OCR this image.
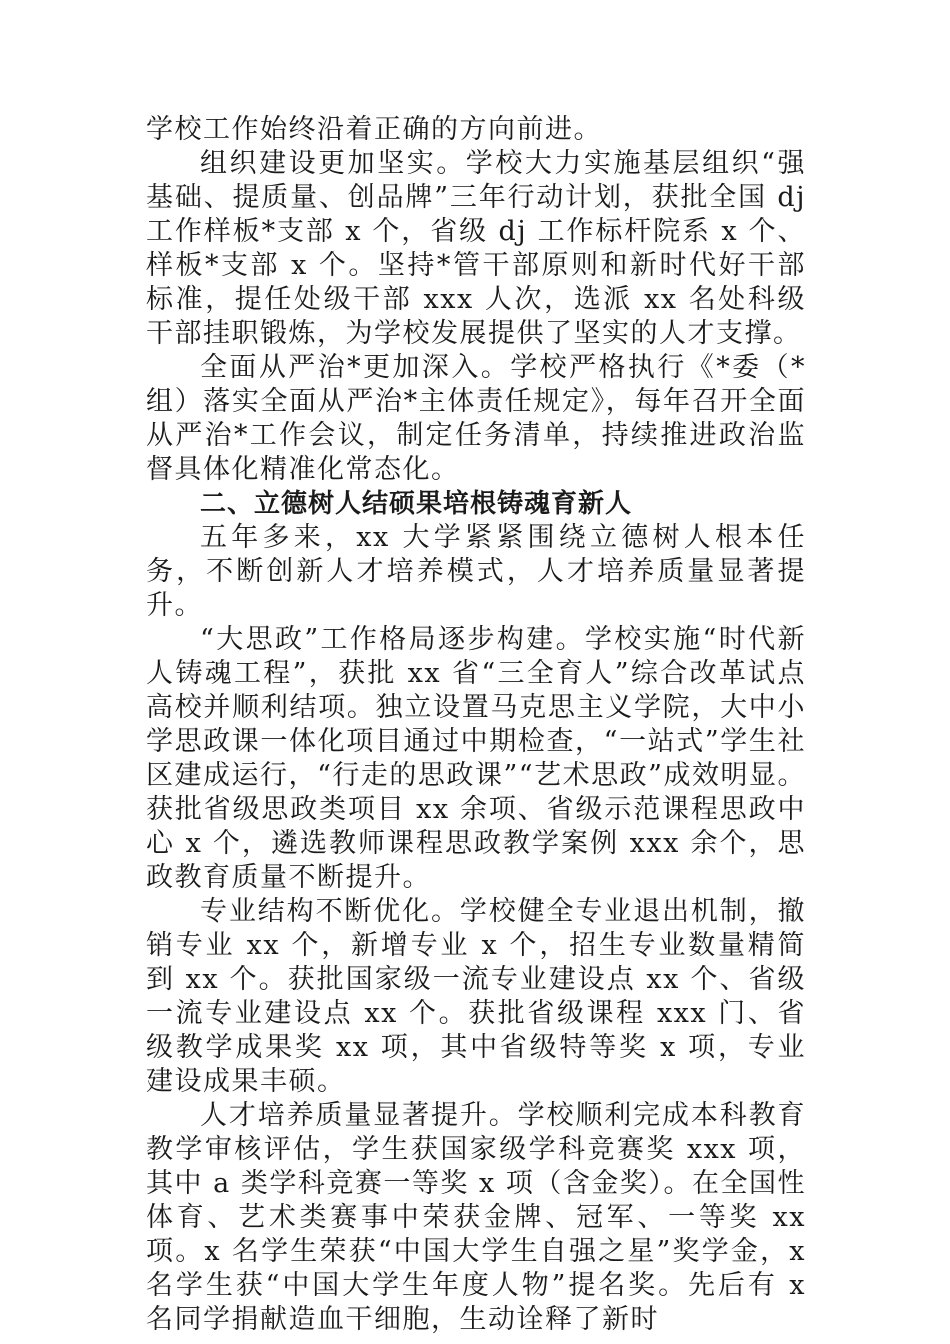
学校工作始终沿着正确的方向前进。

组织建设更加坚实。学校大力实施基层组织“强基础、提质量、创品牌”三年行动计划，获批全国 dj 工作样板*支部 x 个，省级 dj 工作标杆院系 x 个、样板*支部 x 个。坚持*管干部原则和新时代好干部标准，提任处级干部 xxx 人次，选派 xx 名处科级干部挂职锻炼，为学校发展提供了坚实的人才支撑。

全面从严治*更加深入。学校严格执行《*委（*组）落实全面从严治*主体责任规定》，每年召开全面从严治*工作会议，制定任务清单，持续推进政治监督具体化精准化常态化。

二、立德树人结硕果培根铸魂育新人

五年多来，xx 大学紧紧围绕立德树人根本任务，不断创新人才培养模式，人才培养质量显著提升。

“大思政”工作格局逐步构建。学校实施“时代新人铸魂工程”，获批 xx 省“三全育人”综合改革试点高校并顺利结项。独立设置马克思主义学院，大中小学思政课一体化项目通过中期检查，“一站式”学生社区建成运行，“行走的思政课”“艺术思政”成效明显。获批省级思政类项目 xx 余项、省级示范课程思政中心 x 个，遴选教师课程思政教学案例 xxx 余个，思政教育质量不断提升。

专业结构不断优化。学校健全专业退出机制，撤销专业 xx 个，新增专业 x 个，招生专业数量精简到 xx 个。获批国家级一流专业建设点 xx 个、省级一流专业建设点 xx 个。获批省级课程 xxx 门、省级教学成果奖 xx 项，其中省级特等奖 x 项，专业建设成果丰硕。

人才培养质量显著提升。学校顺利完成本科教育教学审核评估，学生获国家级学科竞赛奖 xxx 项，其中 a 类学科竞赛一等奖 x 项（含金奖）。在全国性体育、艺术类赛事中荣获金牌、冠军、一等奖 xx 项。x 名学生荣获“中国大学生自强之星”奖学金，x 名学生获“中国大学生年度人物”提名奖。先后有 x 名同学捐献造血干细胞，生动诠释了新时
